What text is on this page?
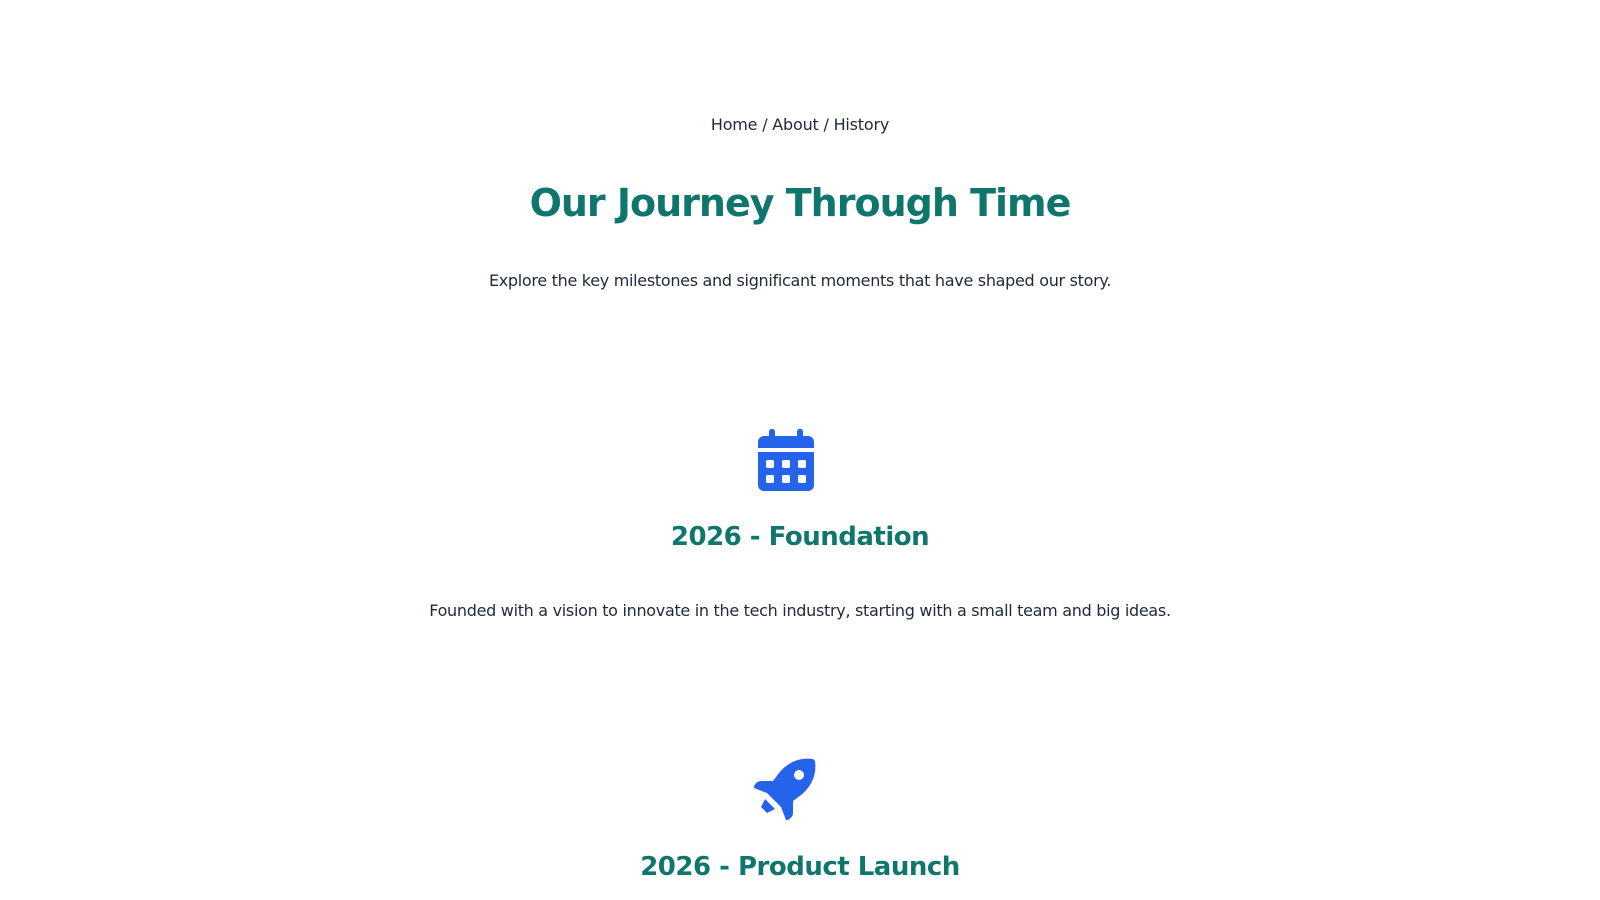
Home / About / History
Our Journey Through Time

Explore the key milestones and significant moments that have shaped our story.

2026 - Foundation

Founded with a vision to innovate in the tech industry, starting with a small team and big ideas.

2026 - Product Launch
